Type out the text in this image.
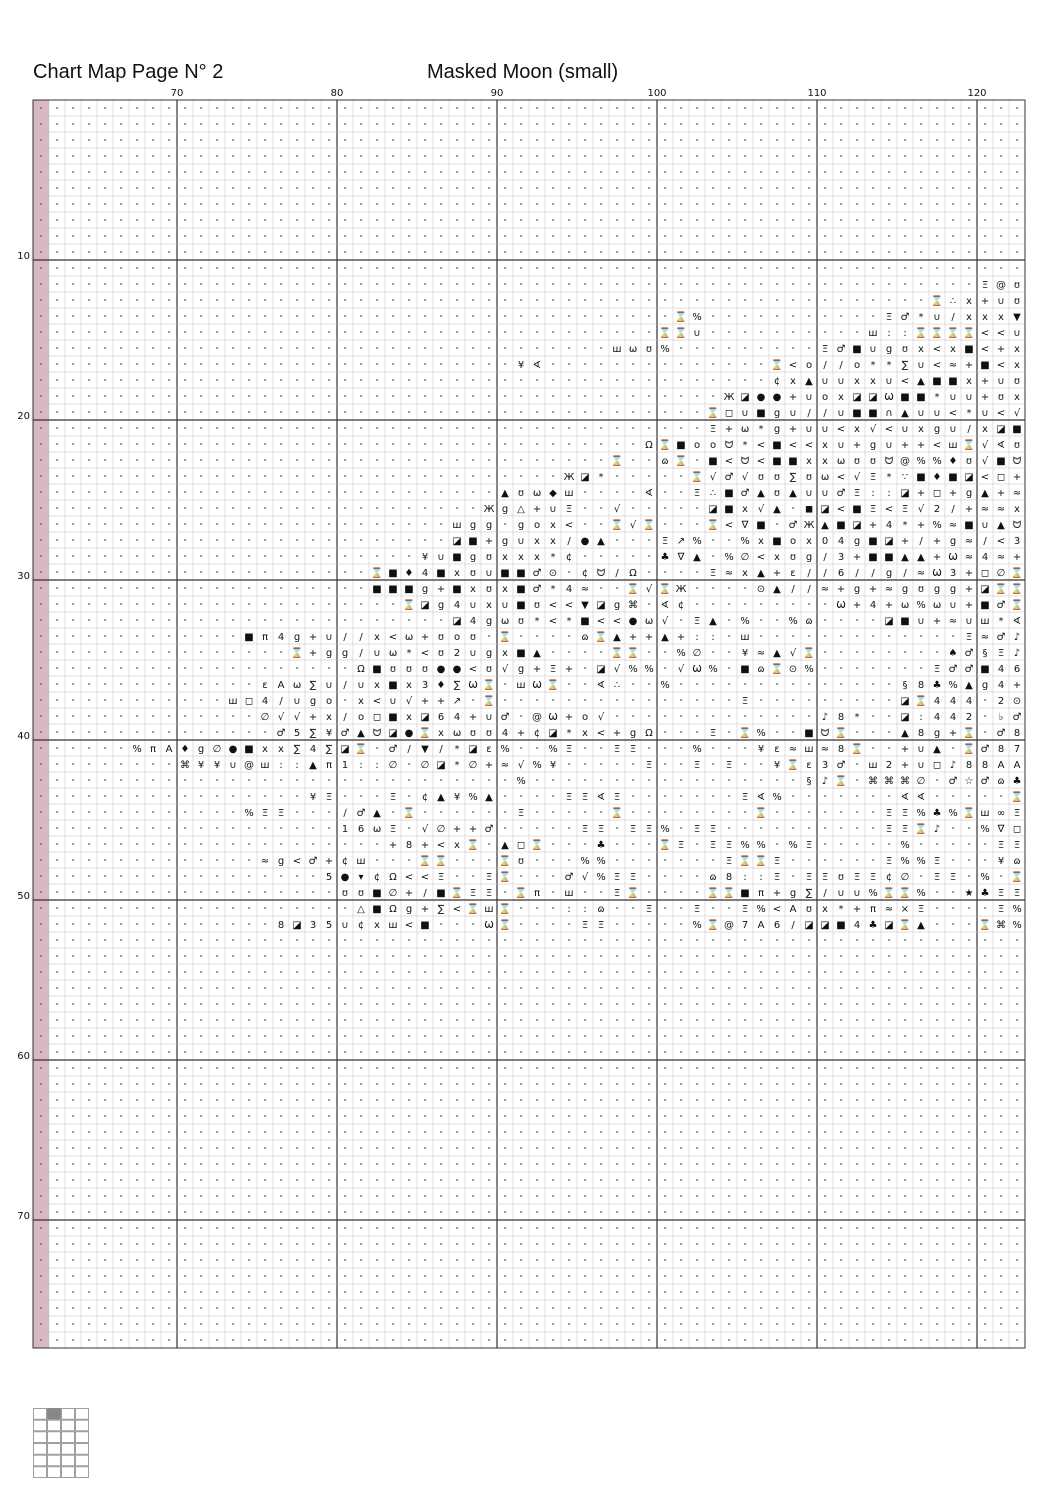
Chart Map Page N° 2	Masked Moon (small)
Ξ @ ʊ
⌛ ∴ x + ∪ ʊ
⌛ %	Ξ ♂ * ∪ / x x x ▼
⌛ ⌛ ∪	ш : : ⌛ ⌛ ⌛ ⌛ < < ∪
ш ω ʊ %	Ξ ♂ ■ ∪ g ʊ x < x ■ < + x
¥ ∢	⌛ < o / / o * * ∑ ∪ < ≈ + ■ < x
¢ x ▲ ∪ ∪ x x ∪ < ▲ ■ ■ x + ∪ ʊ
Ж ◪ ● ● + ∪ o x ◪ ◪ Ѡ ■ ■ * ∪ ∪ + ʊ x
⌛ ◻ ∪ ■ g ∪ / / ∪ ■ ■ ∩ ▲ ∪ ∪ < * ∪ < √
Ξ + ω * g + ∪ ∪ < x √ < ∪ x g ∪ / x ◪ ■
Ω ⌛ ■ o o ᗢ * < ■ < < x ∪ + g ∪ + + < ш ⌛ √ ∢ ʊ
⌛	ɷ ⌛ ■ < ᗢ < ■ ■ x x ω ʊ ʊ ᗢ @ % % ♦ ʊ √ ■ ᗢ
Ж ◪ *	⌛ √ ♂ √ ʊ ʊ ∑ ʊ ω < √ Ξ * ∵ ■ ♦ ■ ◪ < ◻ +
▲ ʊ ω ◆ ш	∢	Ξ ∴ ■ ♂ ▲ ʊ ▲ ∪ ∪ ♂ Ξ : : ◪ + ◻ + g ▲ + ≈
Ж g △ + ∪ Ξ	√	◪ ■ x √ ▲ ◼ ◪ < ■ Ξ < Ξ √ 2 / + ≈ ≈ x
ш g g	g o x <	⌛ √ ⌛	⌛ < ∇ ■ ♂ Ж ▲ ■ ◪ + 4 * + % ≈ ■ ∪ ▲ ᗢ
◪ ■ + g ∪ x x / ● ▲	Ξ ↗ %	% x ■ o x 0 4 g ■ ◪ + / + g ≈ / < 3
¥ ∪ ■ g ʊ x x x * ¢	♣ ∇ ▲ % ∅ < x ʊ g / 3 + ■ ■ ▲ ▲ + Ѡ ≈ 4 ≈ +
⌛ ■ ♦ 4 ■ x ʊ ∪ ■ ■ ♂ ⊙ ¢ ᗢ / Ω	Ξ ≈ x ▲ + ε / / 6 / / g / ≈ Ѡ 3 + ◻ ∅ ⌛
■ ■ ■ g + ■ x ʊ x ■ ♂ * 4 ≈	⌛ √ ⌛ Ж	⊙ ▲ / / ≈ + g + ≈ g ʊ g g + ◪ ⌛ ⌛
⌛ ◪ g 4 ∪ x ∪ ■ ʊ < < ▼ ◪ g ⌘ ∢ ¢	Ѡ + 4 + ω % ω ∪ + ■ ♂ ⌛
◪ 4 g ω ʊ * < * ■ < < ● ω √	Ξ ▲ %	% ɷ	◪ ■ ∪ + ≈ ∪ ш * ∢
■ π 4 g + ∪ / / x < ω + ʊ o ʊ ⌛	ɷ ⌛ ▲ + + ▲ + : :	ш	Ξ ≈ ♂ ♪
⌛ + g g / ∪ ω * < ʊ 2 ∪ g x ■ ▲	⌛ ⌛	% ∅	¥ ≈ ▲ √ ⌛	♠ ♂ § Ξ ♪
Ω ■ ʊ ʊ ʊ ● ● < ʊ √ g + Ξ + ◪ √ % % √ Ѡ % ■ ɷ ⌛ ⊙ %	Ξ ♂ ♂ ■ 4 6
ε A ω ∑ ∪ / ∪ x ■ x 3 ♦ ∑ Ѡ ⌛ ш Ѡ ⌛	∢ ∴	%	§ 8 ♣ % ▲ g 4 +
ш ◻ 4 / ∪ g o	x < ∪ √ + + ↗ ⌛	Ξ	◪ ⌛ 4 4 4	2 ⊙
∅ √ √ + x / o ◻ ■ x ◪ 6 4 + ∪ ♂ @ Ѡ + o √	♪ 8 *	◪ : 4 4 2	♭ ♂
♂ 5 ∑ ¥ ♂ ▲ ᗢ ◪ ● ⌛ x ω ʊ ʊ 4 + ¢ ◪ * x < + g Ω	Ξ ⌛ %	■ ᗢ ⌛	▲ 8 g + ⌛ ♂ 8
% π A ♦ g ∅ ● ■ x x ∑ 4 ∑ ◪ ⌛ ♂ / ▼ / * ◪ ε %	% Ξ	Ξ Ξ	%	¥ ε ≈ ш ≈ 8 ⌛	+ ∪ ▲ ⌛ ♂ 8 7
⌘ ¥ ¥ ∪ @ ш : : ▲ π 1 : : ∅ ∅ ◪ * ∅ + ≈ √ % ¥	Ξ	Ξ	Ξ	¥ ⌛ ε 3 ♂ ш 2 + ∪ ◻ ♪ 8 8 A A
%	§ ♪ ⌛ ⌘ ⌘ ⌘ ∅ ♂ ☆ ♂ ɷ ♣
¥ Ξ	Ξ	¢ ▲ ¥ % ▲	Ξ Ξ ∢ Ξ	Ξ ∢ %	∢ ∢	⌛
% Ξ Ξ	∕ ♂ ▲ ⌛	Ξ	⌛	⌛	Ξ Ξ % ♣ % ⌛ ш ∞ Ξ
1 6 ω Ξ	√ ∅ + + ♂	Ξ Ξ	Ξ Ξ % Ξ Ξ	Ξ Ξ ⌛ ♪	% ∇ ◻
+ 8 + < x ⌛ ▲ ◻ ⌛	♣	⌛ Ξ	Ξ Ξ % % % Ξ	%	Ξ Ξ
≈ g < ♂ + ¢ ш	⌛ ⌛	⌛ ʊ	% %	Ξ ⌛ ⌛ Ξ	Ξ % % Ξ	¥ ɷ
5 ● ▾ ¢ Ω < < Ξ	Ξ ⌛	♂ √ % Ξ Ξ	ɷ 8 : : Ξ	Ξ Ξ ʊ Ξ Ξ ¢ ∅ Ξ Ξ % ⌛
ʊ ʊ ■ ∅ + / ■ ⌛ Ξ Ξ ⌛ π ш	Ξ ⌛	⌛ ⌛ ■ π + g ∑ / ∪ ∪ % ⌛ ⌛ %	★ ♣ Ξ Ξ
△ ■ Ω g + ∑ < ⌛ ш ⌛	: : ɷ	Ξ	Ξ	Ξ % < A ʊ x * + π ≈ × Ξ	Ξ %
8 ◪ 3 5 ∪ ¢ x ш < ■	Ѡ ⌛	Ξ Ξ	% ⌛ @ 7 A 6 / ◪ ◪ ■ 4 ♣ ◪ ⌛ ▲	⌛ ⌘ %
70	80	90	100	110	120
10
20
30
40
50
60
70
